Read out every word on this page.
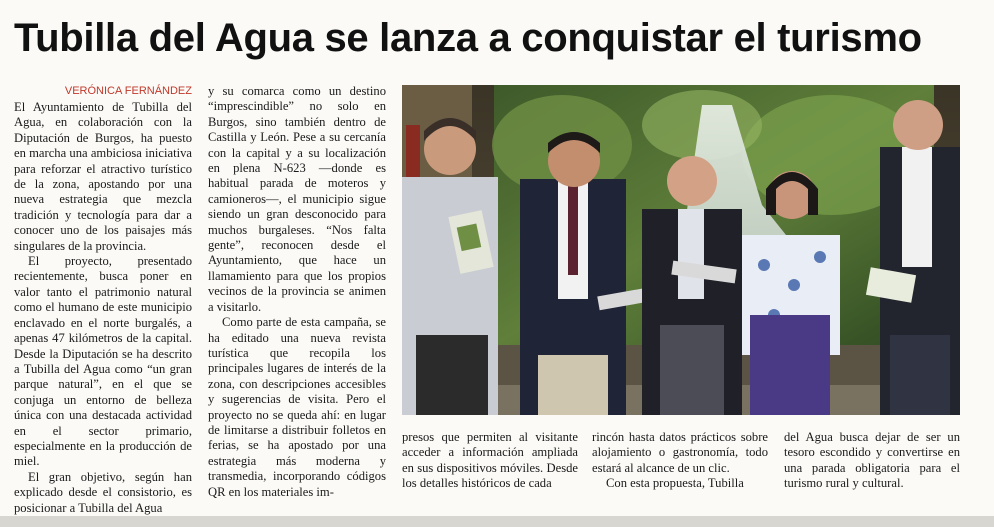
Tubilla del Agua se lanza a conquistar el turismo
VERÓNICA FERNÁNDEZ

El Ayuntamiento de Tubilla del Agua, en colaboración con la Diputación de Burgos, ha puesto en marcha una ambiciosa iniciativa para reforzar el atractivo turístico de la zona, apostando por una nueva estrategia que mezcla tradición y tecnología para dar a conocer uno de los paisajes más singulares de la provincia.

El proyecto, presentado recientemente, busca poner en valor tanto el patrimonio natural como el humano de este municipio enclavado en el norte burgalés, a apenas 47 kilómetros de la capital. Desde la Diputación se ha descrito a Tubilla del Agua como “un gran parque natural”, en el que se conjuga un entorno de belleza única con una destacada actividad en el sector primario, especialmente en la producción de miel.

El gran objetivo, según han explicado desde el consistorio, es posicionar a Tubilla del Agua

y su comarca como un destino “imprescindible” no solo en Burgos, sino también dentro de Castilla y León. Pese a su cercanía con la capital y a su localización en plena N-623 —donde es habitual parada de moteros y camioneros—, el municipio sigue siendo un gran desconocido para muchos burgaleses. “Nos falta gente”, reconocen desde el Ayuntamiento, que hace un llamamiento para que los propios vecinos de la provincia se animen a visitarlo.

Como parte de esta campaña, se ha editado una nueva revista turística que recopila los principales lugares de interés de la zona, con descripciones accesibles y sugerencias de visita. Pero el proyecto no se queda ahí: en lugar de limitarse a distribuir folletos en ferias, se ha apostado por una estrategia más moderna y transmedia, incorporando códigos QR en los materiales im-

presos que permiten al visitante acceder a información ampliada en sus dispositivos móviles. Desde los detalles históricos de cada

rincón hasta datos prácticos sobre alojamiento o gastronomía, todo estará al alcance de un clic.

Con esta propuesta, Tubilla

del Agua busca dejar de ser un tesoro escondido y convertirse en una parada obligatoria para el turismo rural y cultural.
